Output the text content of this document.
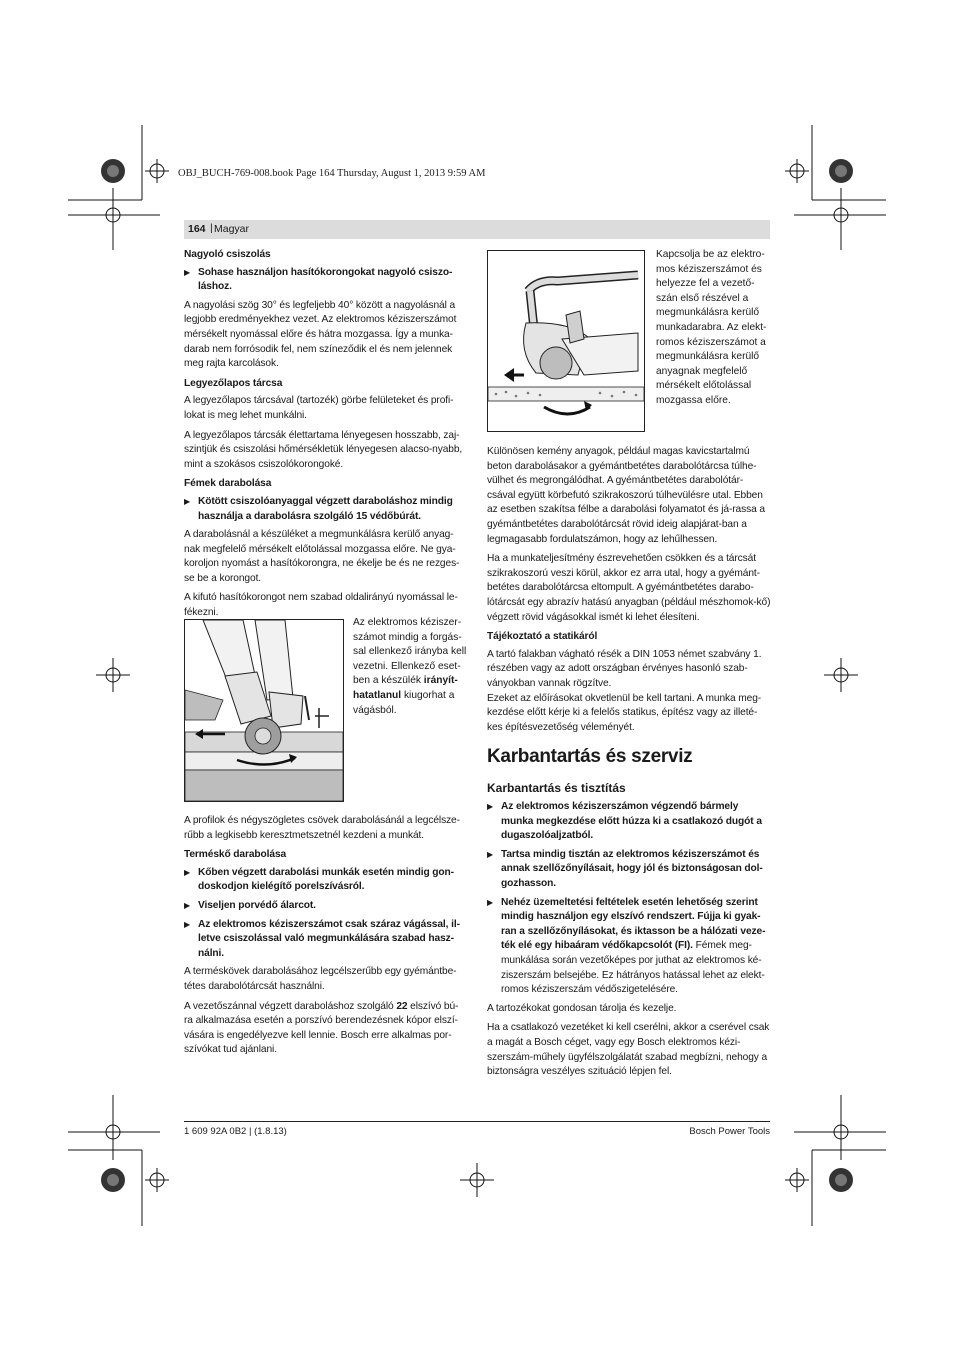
OBJ_BUCH-769-008.book Page 164 Thursday, August 1, 2013 9:59 AM
164 | Magyar
Nagyoló csiszolás
▶ Sohase használjon hasítókorongokat nagyoló csiszo-láshoz.

A nagyolási szög 30° és legfeljebb 40° között a nagyolásnál a legjobb eredményekhez vezet. Az elektromos kéziszerszámot mérsékelt nyomással előre és hátra mozgassa. Így a munka-darab nem forrósodik fel, nem színeződik el és nem jelennek meg rajta karcolások.

Legyezőlapos tárcsa

A legyezőlapos tárcsával (tartozék) görbe felületeket és profi-lokat is meg lehet munkálni.

A legyezőlapos tárcsák élettartama lényegesen hosszabb, zaj-szintjük és csiszolási hőmérsékletük lényegesen alacso-nyabb, mint a szokásos csiszolókorongoké.

Fémek darabolása
▶ Kötött csiszolóanyaggal végzett daraboláshoz mindig használja a darabolásra szolgáló 15 védőbúrát.

A darabolásnál a készüléket a megmunkálásra kerülő anyag-nak megfelelő mérsékelt előtolással mozgassa előre. Ne gya-koroljon nyomást a hasítókorongra, ne ékelje be és ne rezges-se be a korongot.

A kifutó hasítókorongot nem szabad oldalirányú nyomással le-fékezni.

Az elektromos kéziszerszámot mindig a forgással ellenkező irányba kell vezetni. Ellenkező esetben a készülék irányíthatatlanul kiugorhat a vágásból.

A profilok és négyszögletes csövek darabolásánál a legcélsze-rűbb a legkisebb keresztmetszetnél kezdeni a munkát.

Terméskő darabolása
▶ Kőben végzett darabolási munkák esetén mindig gon-doskodjon kielégítő porelszívásról.
▶ Viseljen porvédő álarcot.
▶ Az elektromos kéziszerszámot csak száraz vágással, il-letve csiszolással való megmunkálására szabad hasz-nálni.

A terméskövek darabolásához legcélszerűbb egy gyémántbe-tétes darabolótárcsát használni.

A vezetőszánnal végzett daraboláshoz szolgáló 22 elszívó bú-ra alkalmazása esetén a porszívó berendezésnek kópor elszí-vására is engedélyezve kell lennie. Bosch erre alkalmas por-szívókat tud ajánlani.

Kapcsolja be az elektromos kéziszerszámot és helyezze fel a vezetőszán első részével a megmunkálásra kerülő munkadarabra. Az elektromos kéziszerszámot a megmunkálásra kerülő anyagnak megfelelő mérsékelt előtolással mozgassa előre.

Különösen kemény anyagok, például magas kavicstartalmú beton darabolásakor a gyémántbetétes darabolótárcsa túlhe-vülhet és megrongálódhat. A gyémántbetétes darabolótár-csával együtt körbefutó szikrakoszorú túlhevülésre utal. Ebben az esetben szakítsa félbe a darabolási folyamatot és já-rassa a gyémántbetétes darabolótárcsát rövid ideig alapjárat-ban a legmagasabb fordulatszámon, hogy az lehűlhessen.

Ha a munkateljesítmény észrevehetően csökken és a tárcsát szikrakoszorú veszi körül, akkor ez arra utal, hogy a gyémánt-betétes darabolótárcsa eltompult. A gyémántbetétes darabo-lótárcsát egy abrazív hatású anyagban (például mészhomok-kő) végzett rövid vágásokkal ismét ki lehet élesíteni.

Tájékoztató a statikáról

A tartó falakban vágható résék a DIN 1053 német szabvány 1. részében vagy az adott országban érvényes hasonló szab-ványokban vannak rögzítve.

Ezeket az előírásokat okvetlenül be kell tartani. A munka meg-kezdése előtt kérje ki a felelős statikus, építész vagy az illeté-kes építésvezetőség véleményét.

Karbantartás és szerviz
Karbantartás és tisztítás
▶ Az elektromos kéziszerszámon végzendő bármely munka megkezdése előtt húzza ki a csatlakozó dugót a dugaszolóaljzatból.
▶ Tartsa mindig tisztán az elektromos kéziszerszámot és annak szellőzőnyílásait, hogy jól és biztonságosan dol-gozhasson.
▶ Nehéz üzemeltetési feltételek esetén lehetőség szerint mindig használjon egy elszívó rendszert. Fújja ki gyak-ran a szellőzőnyílásokat, és iktasson be a hálózati veze-ték elé egy hibaáram védőkapcsolót (FI). Fémek meg-munkálása során vezetőképes por juthat az elektromos ké-ziszerszám belsejébe. Ez hátrányos hatással lehet az elekt-romos kéziszerszám védőszigetelésére.

A tartozékokat gondosan tárolja és kezelje.

Ha a csatlakozó vezetéket ki kell cserélni, akkor a cserével csak a magát a Bosch céget, vagy egy Bosch elektromos kézi-szerszám-műhely ügyfélszolgálatát szabad megbízni, nehogy a biztonságra veszélyes szituáció lépjen fel.

1 609 92A 0B2 | (1.8.13)	Bosch Power Tools
